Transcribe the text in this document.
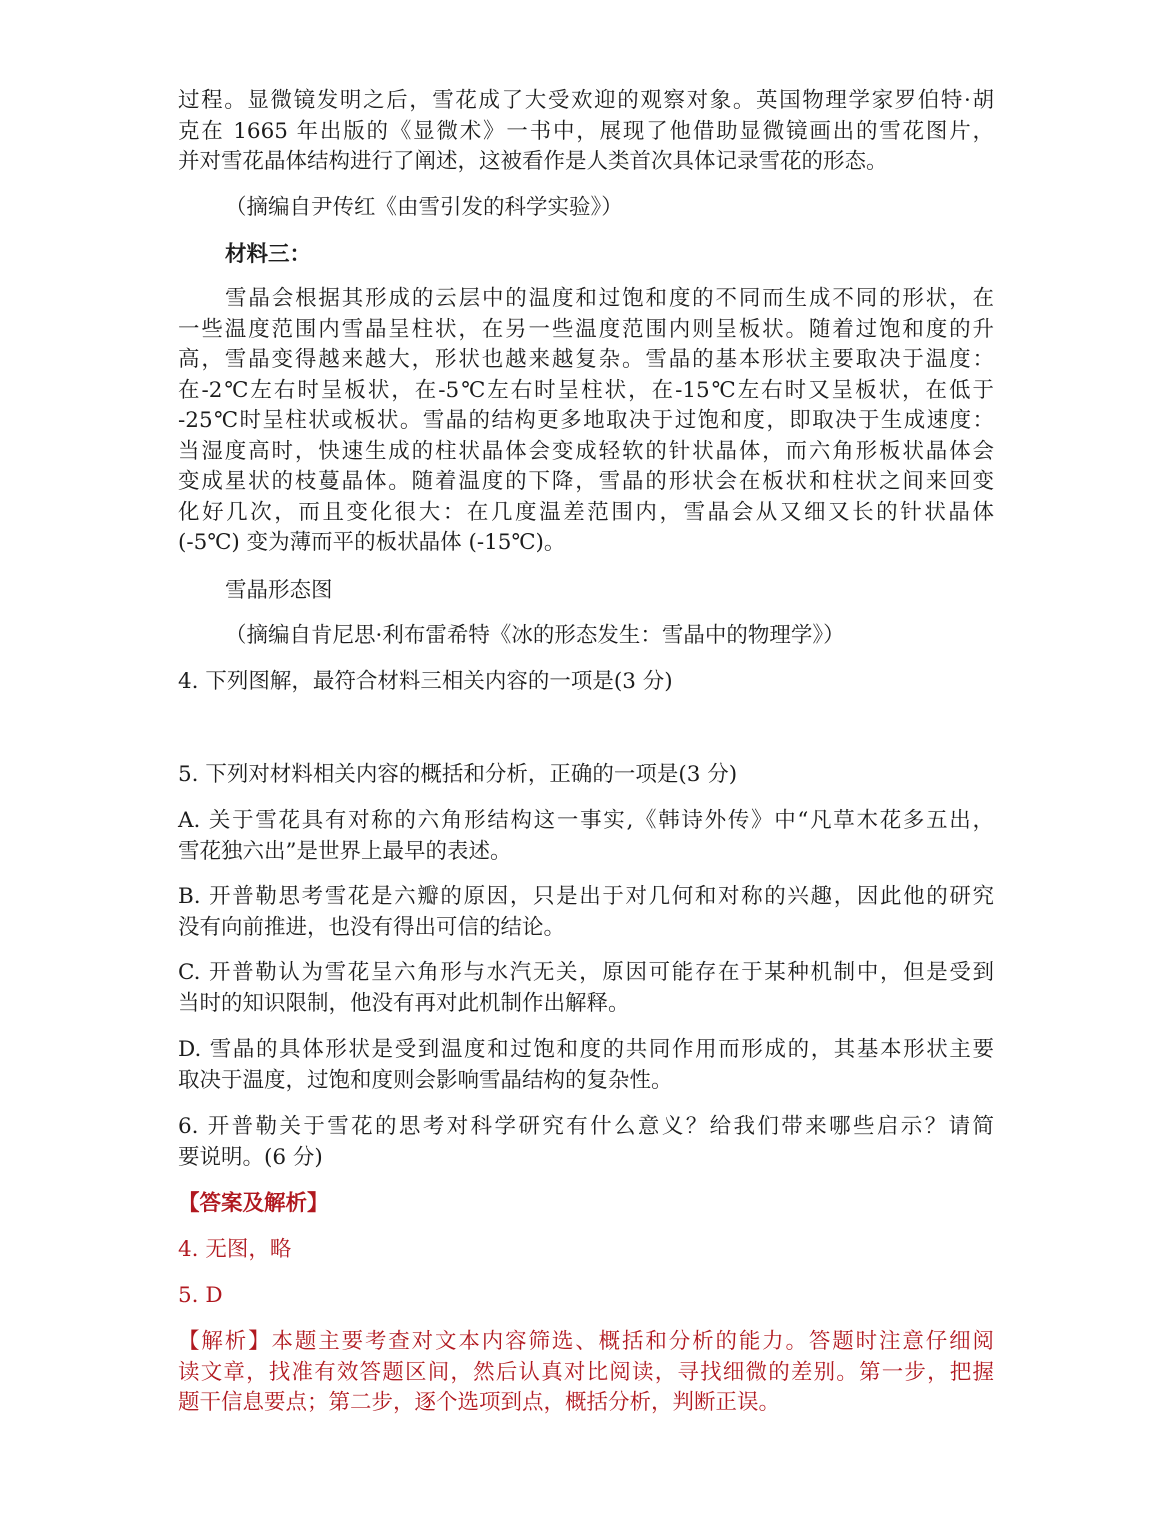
过程。显微镜发明之后，雪花成了大受欢迎的观察对象。英国物理学家罗伯特·胡

克在 1665 年出版的《显微术》一书中，展现了他借助显微镜画出的雪花图片，

并对雪花晶体结构进行了阐述，这被看作是人类首次具体记录雪花的形态。

（摘编自尹传红《由雪引发的科学实验》）
材料三：

雪晶会根据其形成的云层中的温度和过饱和度的不同而生成不同的形状，在

一些温度范围内雪晶呈柱状，在另一些温度范围内则呈板状。随着过饱和度的升

高，雪晶变得越来越大，形状也越来越复杂。雪晶的基本形状主要取决于温度：

在-2℃左右时呈板状，在-5℃左右时呈柱状，在-15℃左右时又呈板状，在低于

-25℃时呈柱状或板状。雪晶的结构更多地取决于过饱和度，即取决于生成速度：

当湿度高时，快速生成的柱状晶体会变成轻软的针状晶体，而六角形板状晶体会

变成星状的枝蔓晶体。随着温度的下降，雪晶的形状会在板状和柱状之间来回变

化好几次，而且变化很大：在几度温差范围内，雪晶会从又细又长的针状晶体

(-5℃) 变为薄而平的板状晶体 (-15℃)。

雪晶形态图
（摘编自肯尼思·利布雷希特《冰的形态发生：雪晶中的物理学》）
4. 下列图解，最符合材料三相关内容的一项是(3 分)
5. 下列对材料相关内容的概括和分析，正确的一项是(3 分)
A. 关于雪花具有对称的六角形结构这一事实,《韩诗外传》中“凡草木花多五出，
雪花独六出”是世界上最早的表述。
B. 开普勒思考雪花是六瓣的原因，只是出于对几何和对称的兴趣，因此他的研究
没有向前推进，也没有得出可信的结论。
C. 开普勒认为雪花呈六角形与水汽无关，原因可能存在于某种机制中，但是受到
当时的知识限制，他没有再对此机制作出解释。
D. 雪晶的具体形状是受到温度和过饱和度的共同作用而形成的，其基本形状主要
取决于温度，过饱和度则会影响雪晶结构的复杂性。
6. 开普勒关于雪花的思考对科学研究有什么意义？给我们带来哪些启示？请简
要说明。(6 分)
【答案及解析】
4. 无图，略
5. D
【解析】本题主要考查对文本内容筛选、概括和分析的能力。答题时注意仔细阅
读文章，找准有效答题区间，然后认真对比阅读，寻找细微的差别。第一步，把握
题干信息要点；第二步，逐个选项到点，概括分析，判断正误。
